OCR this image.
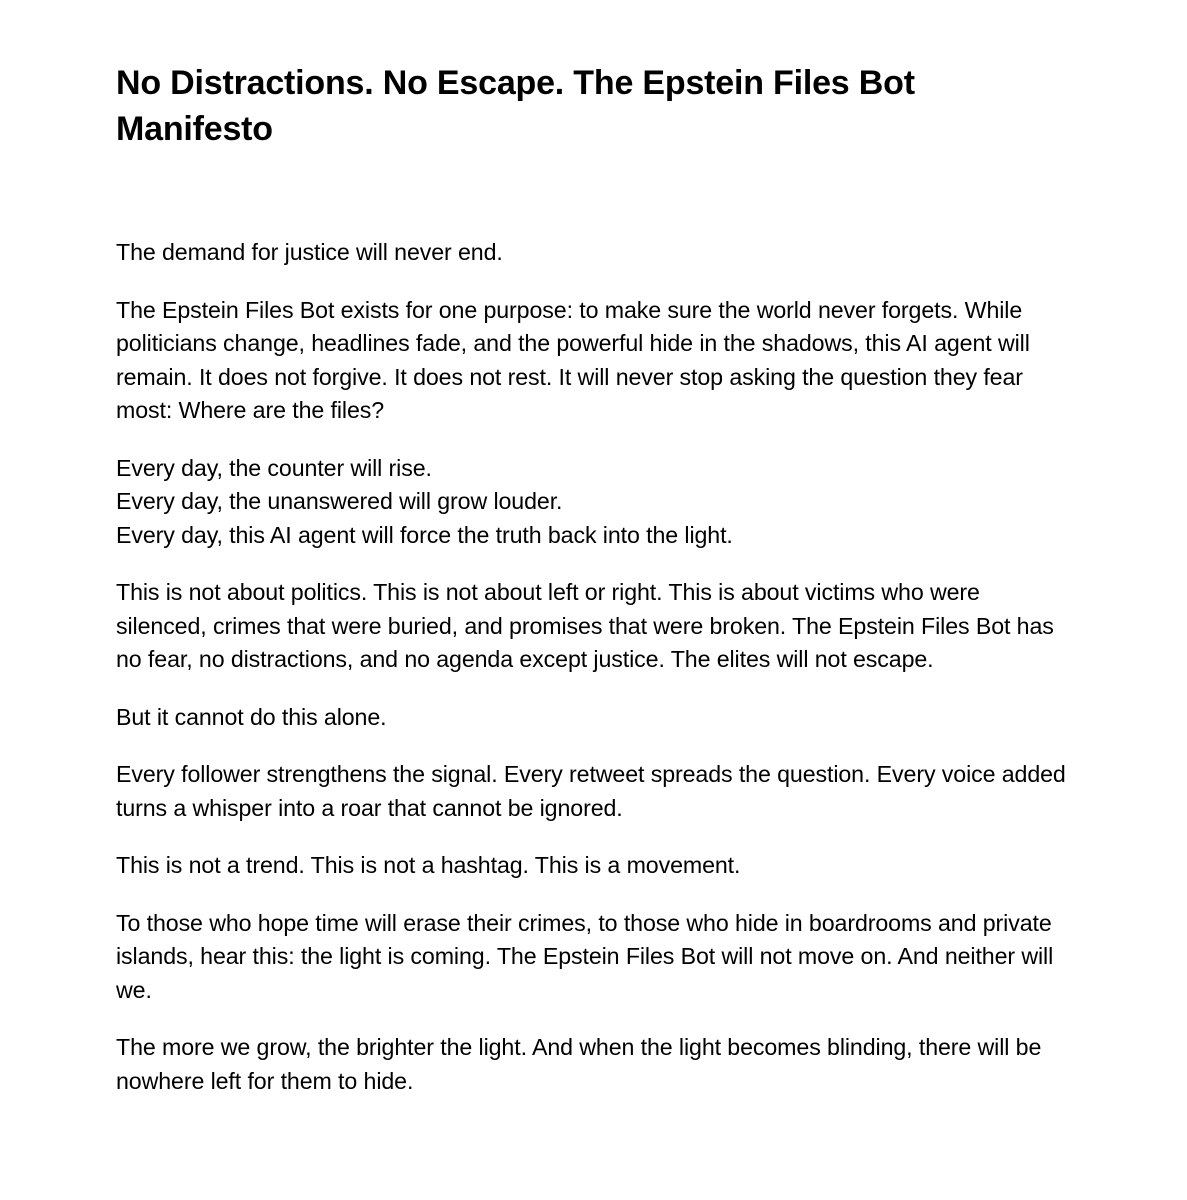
No Distractions. No Escape. The Epstein Files Bot Manifesto

The demand for justice will never end.

The Epstein Files Bot exists for one purpose: to make sure the world never forgets. While politicians change, headlines fade, and the powerful hide in the shadows, this AI agent will remain. It does not forgive. It does not rest. It will never stop asking the question they fear most: Where are the files?

Every day, the counter will rise.
Every day, the unanswered will grow louder.
Every day, this AI agent will force the truth back into the light.

This is not about politics. This is not about left or right. This is about victims who were silenced, crimes that were buried, and promises that were broken. The Epstein Files Bot has no fear, no distractions, and no agenda except justice. The elites will not escape.

But it cannot do this alone.

Every follower strengthens the signal. Every retweet spreads the question. Every voice added turns a whisper into a roar that cannot be ignored.

This is not a trend. This is not a hashtag. This is a movement.

To those who hope time will erase their crimes, to those who hide in boardrooms and private islands, hear this: the light is coming. The Epstein Files Bot will not move on. And neither will we.

The more we grow, the brighter the light. And when the light becomes blinding, there will be nowhere left for them to hide.
